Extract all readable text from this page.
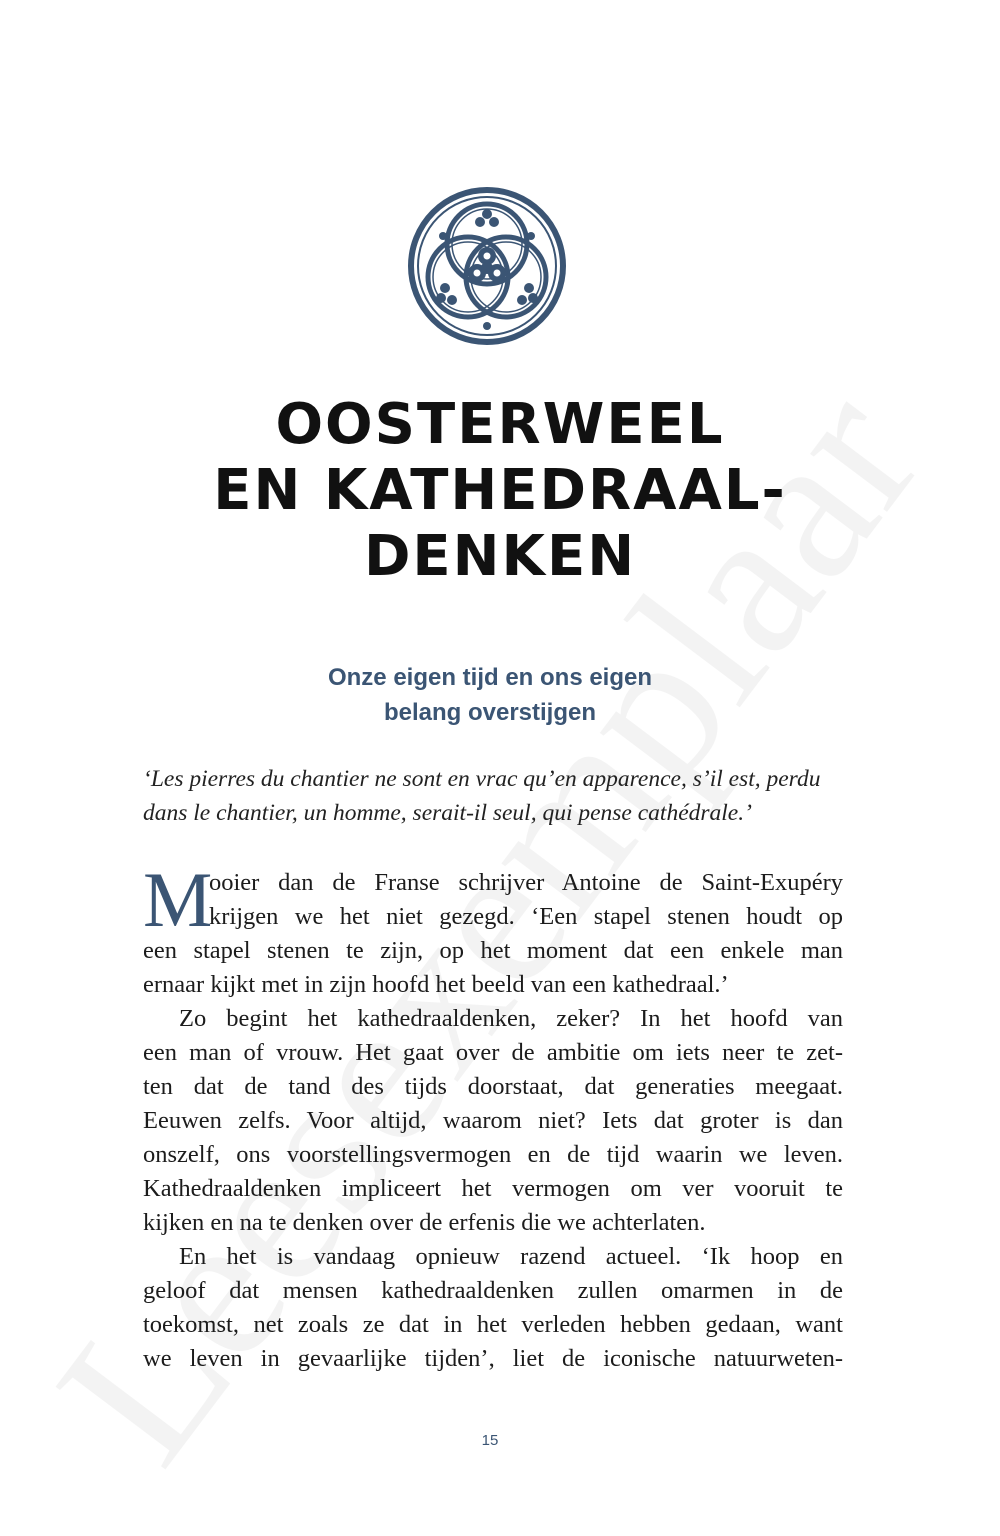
OOSTERWEEL
EN KATHEDRAAL-
DENKEN
Onze eigen tijd en ons eigen
belang overstijgen

‘Les pierres du chantier ne sont en vrac qu’en apparence, s’il est, perdu
dans le chantier, un homme, serait-il seul, qui pense cathédrale.’

M
ooier dan de Franse schrijver Antoine de Saint-Exupéry
krijgen we het niet gezegd. ‘Een stapel stenen houdt op
een stapel stenen te zijn, op het moment dat een enkele man
ernaar kijkt met in zijn hoofd het beeld van een kathedraal.’
Zo begint het kathedraaldenken, zeker? In het hoofd van
een man of vrouw. Het gaat over de ambitie om iets neer te zet-
ten dat de tand des tijds doorstaat, dat generaties meegaat.
Eeuwen zelfs. Voor altijd, waarom niet? Iets dat groter is dan
onszelf, ons voorstellingsvermogen en de tijd waarin we leven.
Kathedraaldenken impliceert het vermogen om ver vooruit te
kijken en na te denken over de erfenis die we achterlaten.
En het is vandaag opnieuw razend actueel. ‘Ik hoop en
geloof dat mensen kathedraaldenken zullen omarmen in de
toekomst, net zoals ze dat in het verleden hebben gedaan, want
we leven in gevaarlijke tijden’, liet de iconische natuurweten-
15
